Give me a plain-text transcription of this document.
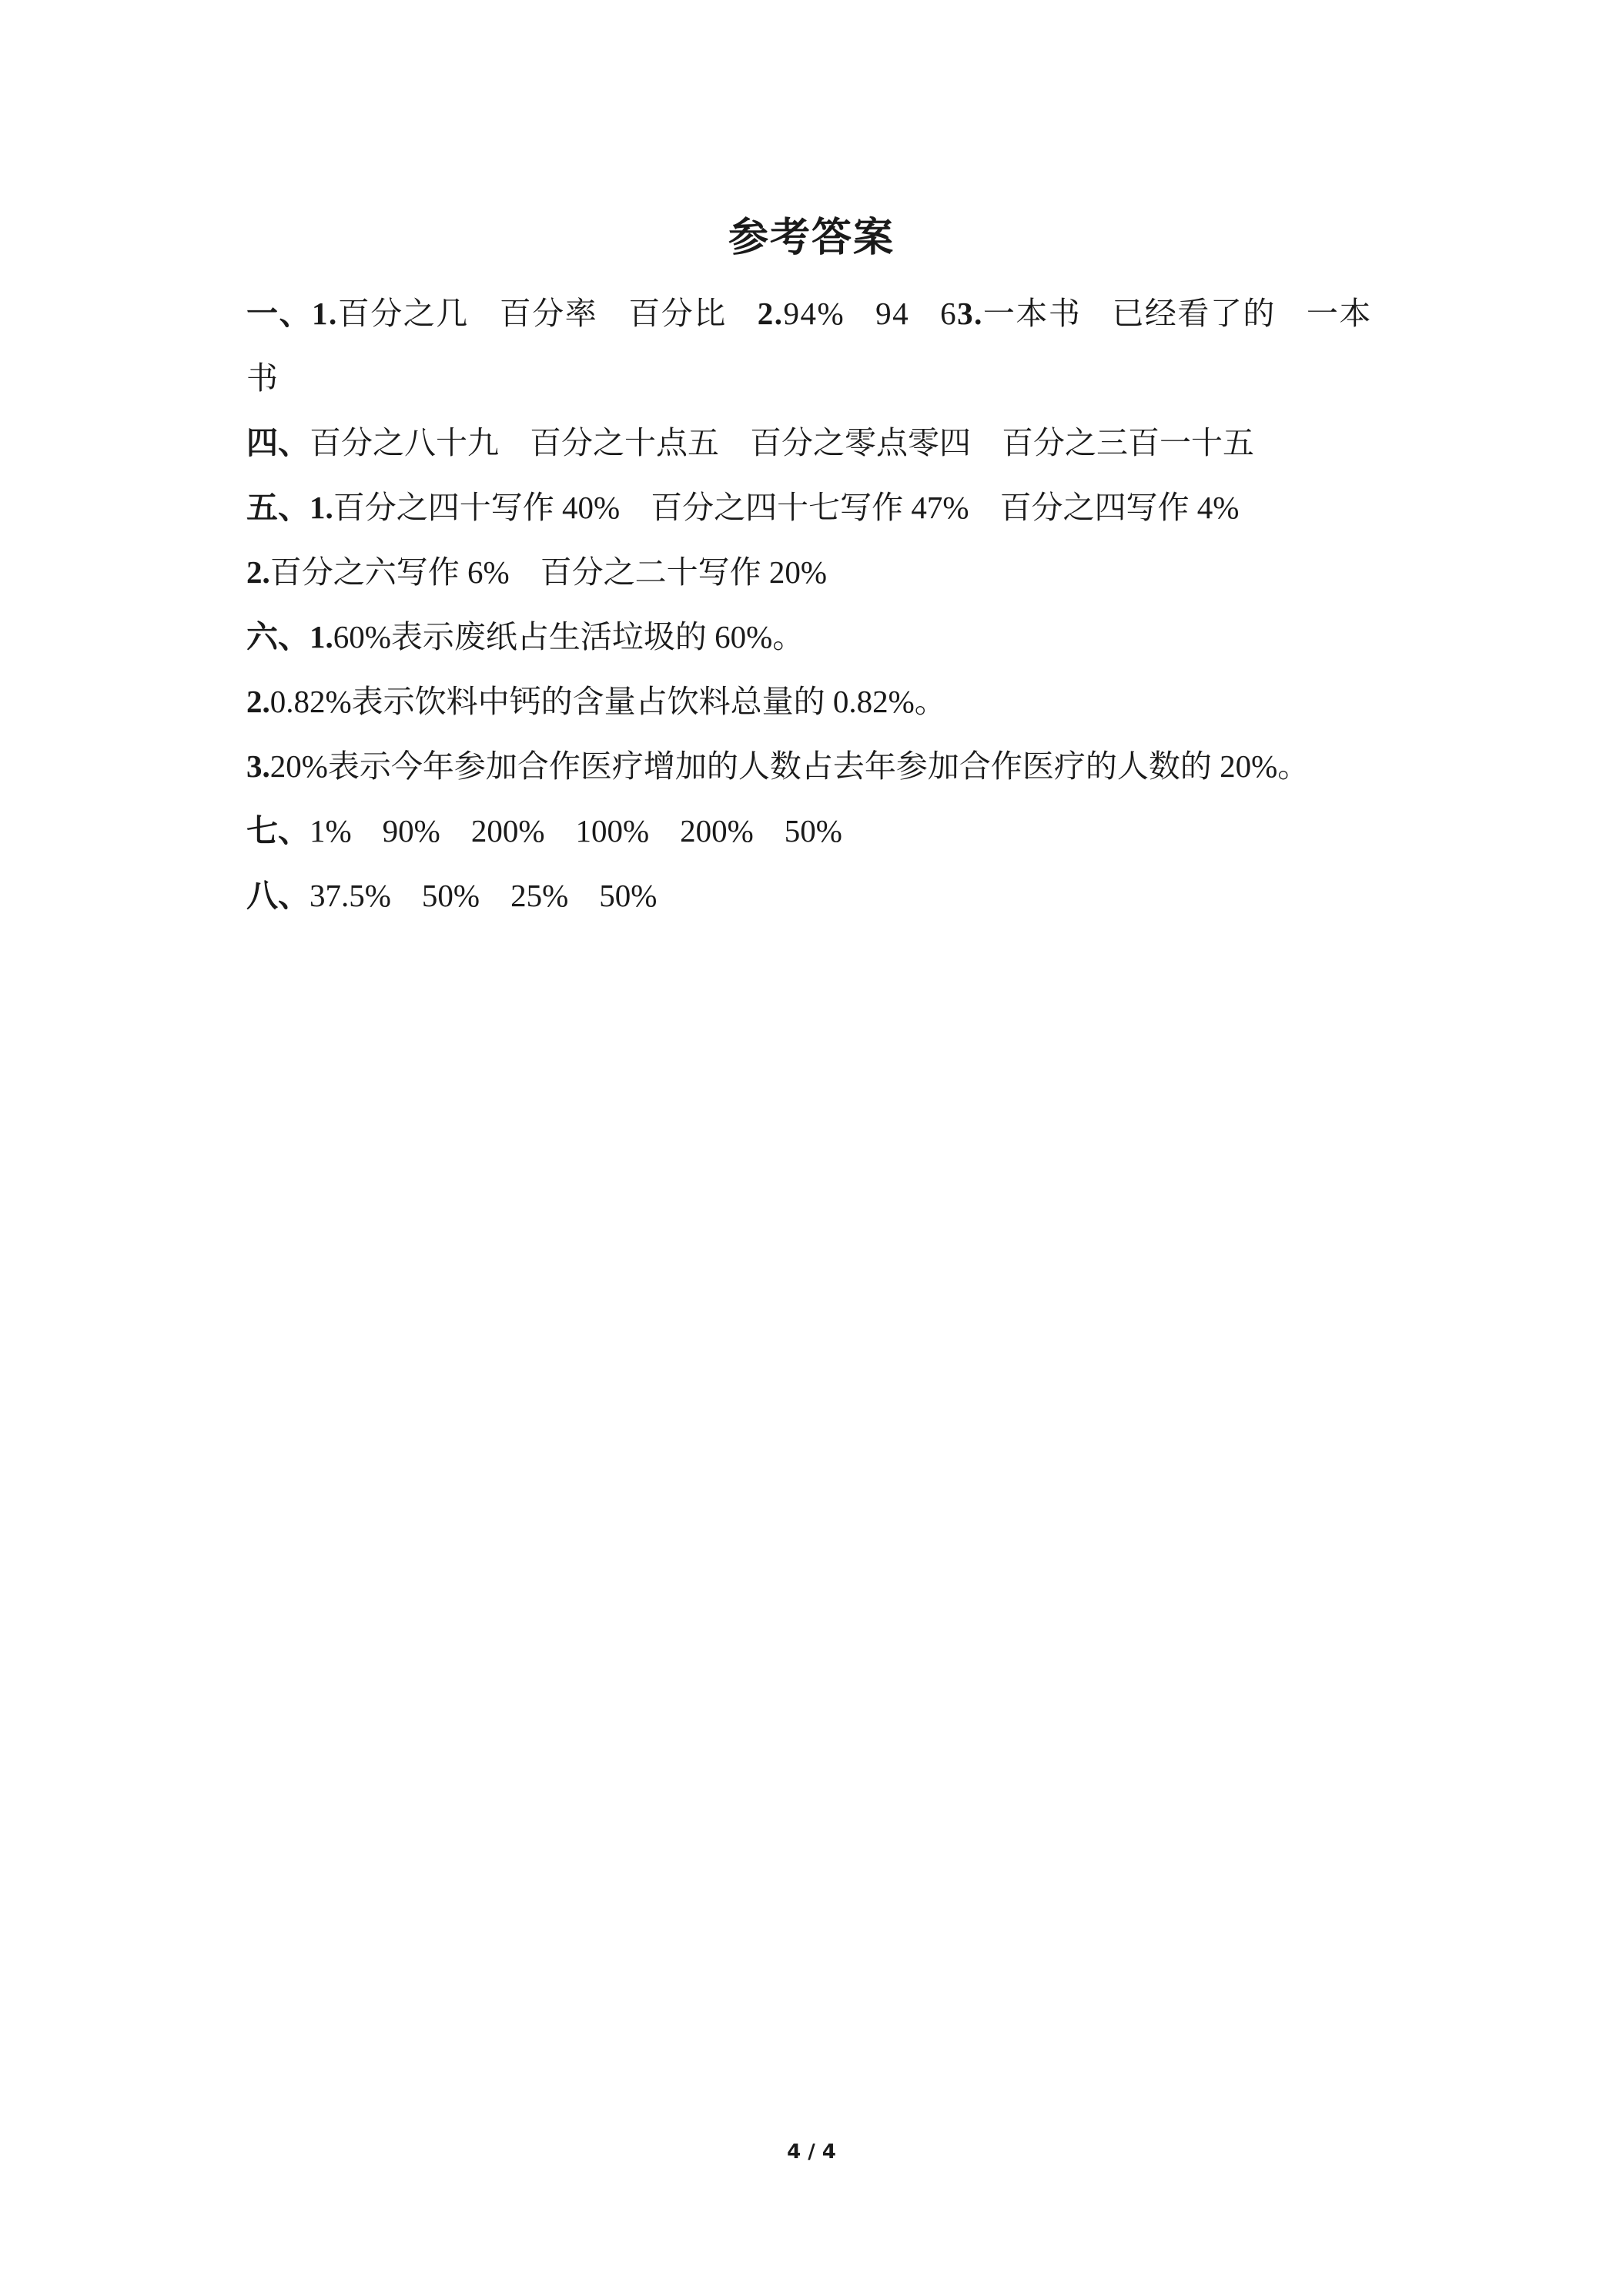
参考答案
一、1.百分之几 百分率 百分比 2.94% 94 63.一本书 已经看了的 一本
书
四、百分之八十九 百分之十点五 百分之零点零四 百分之三百一十五
五、1.百分之四十写作 40% 百分之四十七写作 47% 百分之四写作 4%
2.百分之六写作 6% 百分之二十写作 20%
六、1.60%表示废纸占生活垃圾的 60%。
2.0.82%表示饮料中钙的含量占饮料总量的 0.82%。
3.20%表示今年参加合作医疗增加的人数占去年参加合作医疗的人数的 20%。
七、1% 90% 200% 100% 200% 50%
八、37.5% 50% 25% 50%
4 / 4
